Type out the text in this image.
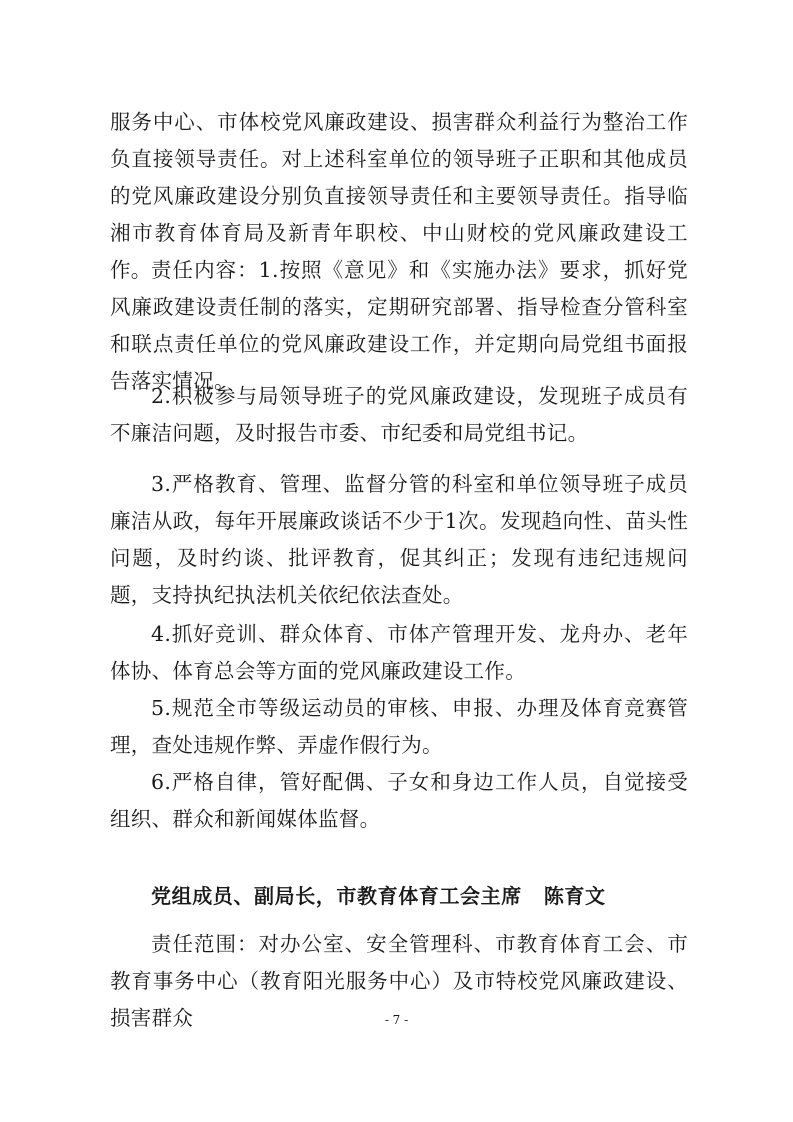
服务中心、市体校党风廉政建设、损害群众利益行为整治工作负直接领导责任。对上述科室单位的领导班子正职和其他成员的党风廉政建设分别负直接领导责任和主要领导责任。指导临湘市教育体育局及新青年职校、中山财校的党风廉政建设工作。 责任内容：1.按照《意见》和《实施办法》要求，抓好党风廉政建设责任制的落实，定期研究部署、指导检查分管科室和联点责任单位的党风廉政建设工作，并定期向局党组书面报告落实情况。

2.积极参与局领导班子的党风廉政建设，发现班子成员有不廉洁问题，及时报告市委、市纪委和局党组书记。

3.严格教育、管理、监督分管的科室和单位领导班子成员廉洁从政，每年开展廉政谈话不少于1次。发现趋向性、苗头性问题，及时约谈、批评教育，促其纠正；发现有违纪违规问题，支持执纪执法机关依纪依法查处。

4.抓好竞训、群众体育、市体产管理开发、龙舟办、老年体协、体育总会等方面的党风廉政建设工作。

5.规范全市等级运动员的审核、申报、办理及体育竞赛管理，查处违规作弊、弄虚作假行为。

6.严格自律，管好配偶、子女和身边工作人员，自觉接受组织、群众和新闻媒体监督。

党组成员、副局长，市教育体育工会主席 陈育文

责任范围：对办公室、安全管理科、市教育体育工会、市教育事务中心（教育阳光服务中心）及市特校党风廉政建设、损害群众	- 7 -
